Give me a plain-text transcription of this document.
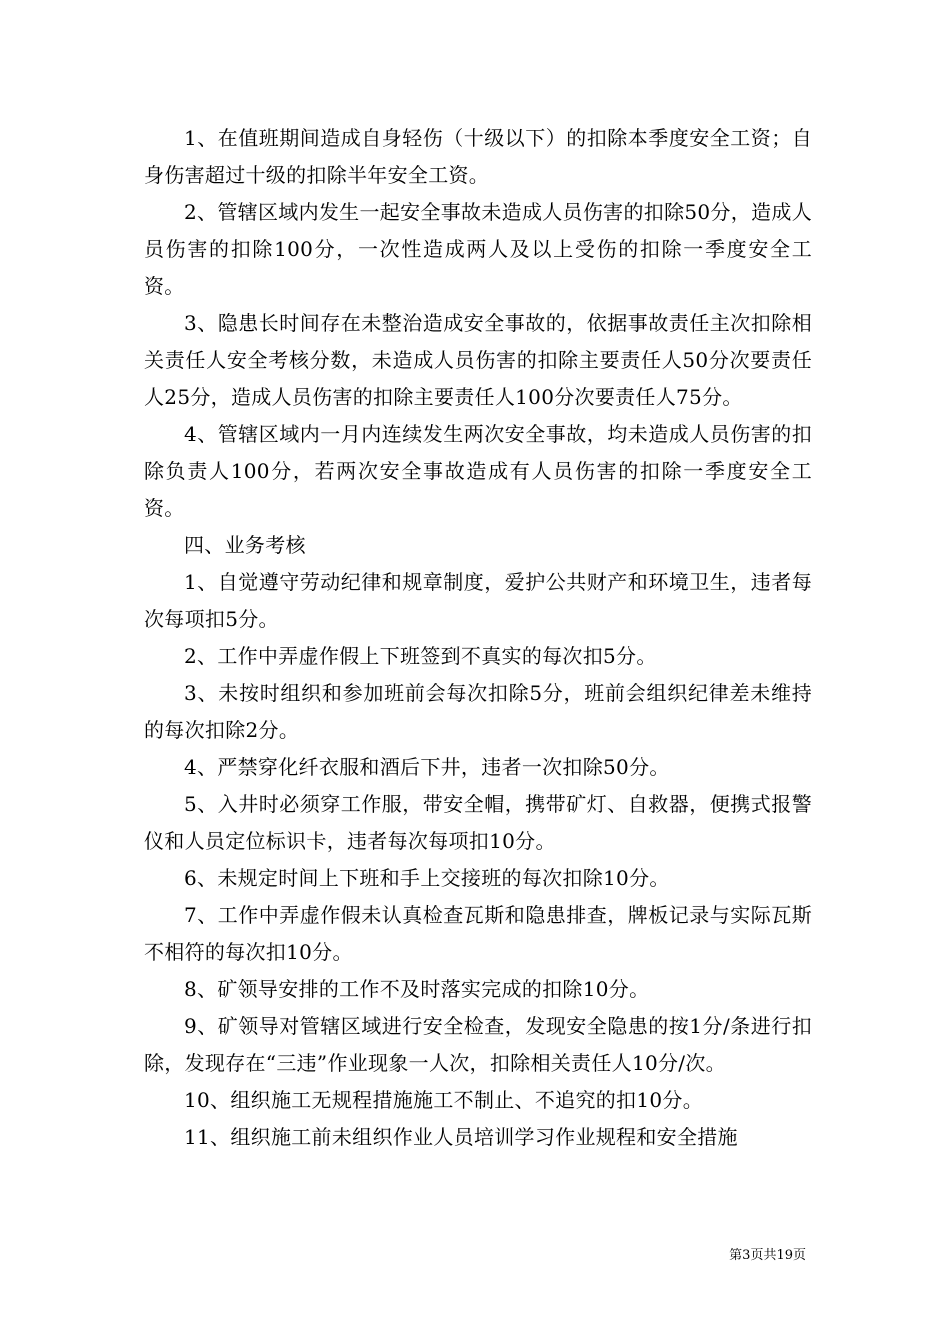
1、在值班期间造成自身轻伤（十级以下）的扣除本季度安全工资；自身伤害超过十级的扣除半年安全工资。

2、管辖区域内发生一起安全事故未造成人员伤害的扣除50分，造成人员伤害的扣除100分，一次性造成两人及以上受伤的扣除一季度安全工资。

3、隐患长时间存在未整治造成安全事故的，依据事故责任主次扣除相关责任人安全考核分数，未造成人员伤害的扣除主要责任人50分次要责任人25分，造成人员伤害的扣除主要责任人100分次要责任人75分。

4、管辖区域内一月内连续发生两次安全事故，均未造成人员伤害的扣除负责人100分，若两次安全事故造成有人员伤害的扣除一季度安全工资。

四、业务考核

1、自觉遵守劳动纪律和规章制度，爱护公共财产和环境卫生，违者每次每项扣5分。

2、工作中弄虚作假上下班签到不真实的每次扣5分。

3、未按时组织和参加班前会每次扣除5分，班前会组织纪律差未维持的每次扣除2分。

4、严禁穿化纤衣服和酒后下井，违者一次扣除50分。

5、入井时必须穿工作服，带安全帽，携带矿灯、自救器，便携式报警仪和人员定位标识卡，违者每次每项扣10分。

6、未规定时间上下班和手上交接班的每次扣除10分。

7、工作中弄虚作假未认真检查瓦斯和隐患排查，牌板记录与实际瓦斯不相符的每次扣10分。

8、矿领导安排的工作不及时落实完成的扣除10分。

9、矿领导对管辖区域进行安全检查，发现安全隐患的按1分/条进行扣除，发现存在“三违”作业现象一人次，扣除相关责任人10分/次。

10、组织施工无规程措施施工不制止、不追究的扣10分。

11、组织施工前未组织作业人员培训学习作业规程和安全措施

第3页共19页
